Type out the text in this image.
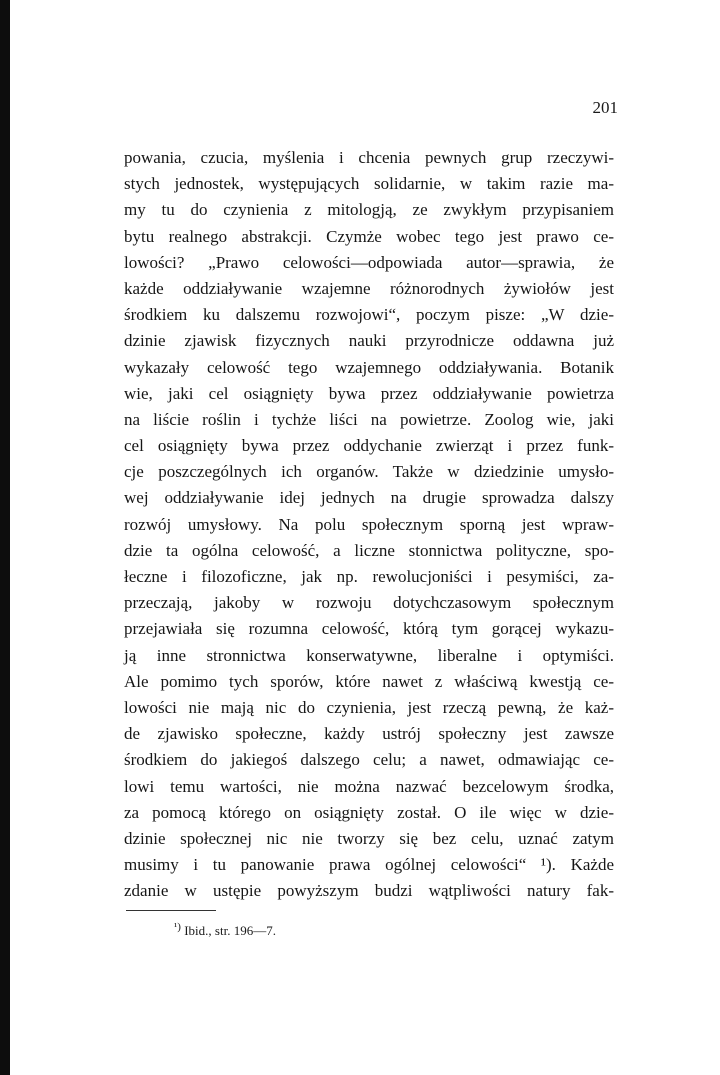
201
powania, czucia, myślenia i chcenia pewnych grup rzeczywi-
stych jednostek, występujących solidarnie, w takim razie ma-
my tu do czynienia z mitologją, ze zwykłym przypisaniem
bytu realnego abstrakcji. Czymże wobec tego jest prawo ce-
lowości? „Prawo celowości—odpowiada autor—sprawia, że
każde oddziaływanie wzajemne różnorodnych żywiołów jest
środkiem ku dalszemu rozwojowi“, poczym pisze: „W dzie-
dzinie zjawisk fizycznych nauki przyrodnicze oddawna już
wykazały celowość tego wzajemnego oddziaływania. Botanik
wie, jaki cel osiągnięty bywa przez oddziaływanie powietrza
na liście roślin i tychże liści na powietrze. Zoolog wie, jaki
cel osiągnięty bywa przez oddychanie zwierząt i przez funk-
cje poszczególnych ich organów. Także w dziedzinie umysło-
wej oddziaływanie idej jednych na drugie sprowadza dalszy
rozwój umysłowy. Na polu społecznym sporną jest wpraw-
dzie ta ogólna celowość, a liczne stonnictwa polityczne, spo-
łeczne i filozoficzne, jak np. rewolucjoniści i pesymiści, za-
przeczają, jakoby w rozwoju dotychczasowym społecznym
przejawiała się rozumna celowość, którą tym gorącej wykazu-
ją inne stronnictwa konserwatywne, liberalne i optymiści.
Ale pomimo tych sporów, które nawet z właściwą kwestją ce-
lowości nie mają nic do czynienia, jest rzeczą pewną, że każ-
de zjawisko społeczne, każdy ustrój społeczny jest zawsze
środkiem do jakiegoś dalszego celu; a nawet, odmawiając ce-
lowi temu wartości, nie można nazwać bezcelowym środka,
za pomocą którego on osiągnięty został. O ile więc w dzie-
dzinie społecznej nic nie tworzy się bez celu, uznać zatym
musimy i tu panowanie prawa ogólnej celowości“ ¹). Każde
zdanie w ustępie powyższym budzi wątpliwości natury fak-
$^{^1)}$ Ibid., str. 196—7.
